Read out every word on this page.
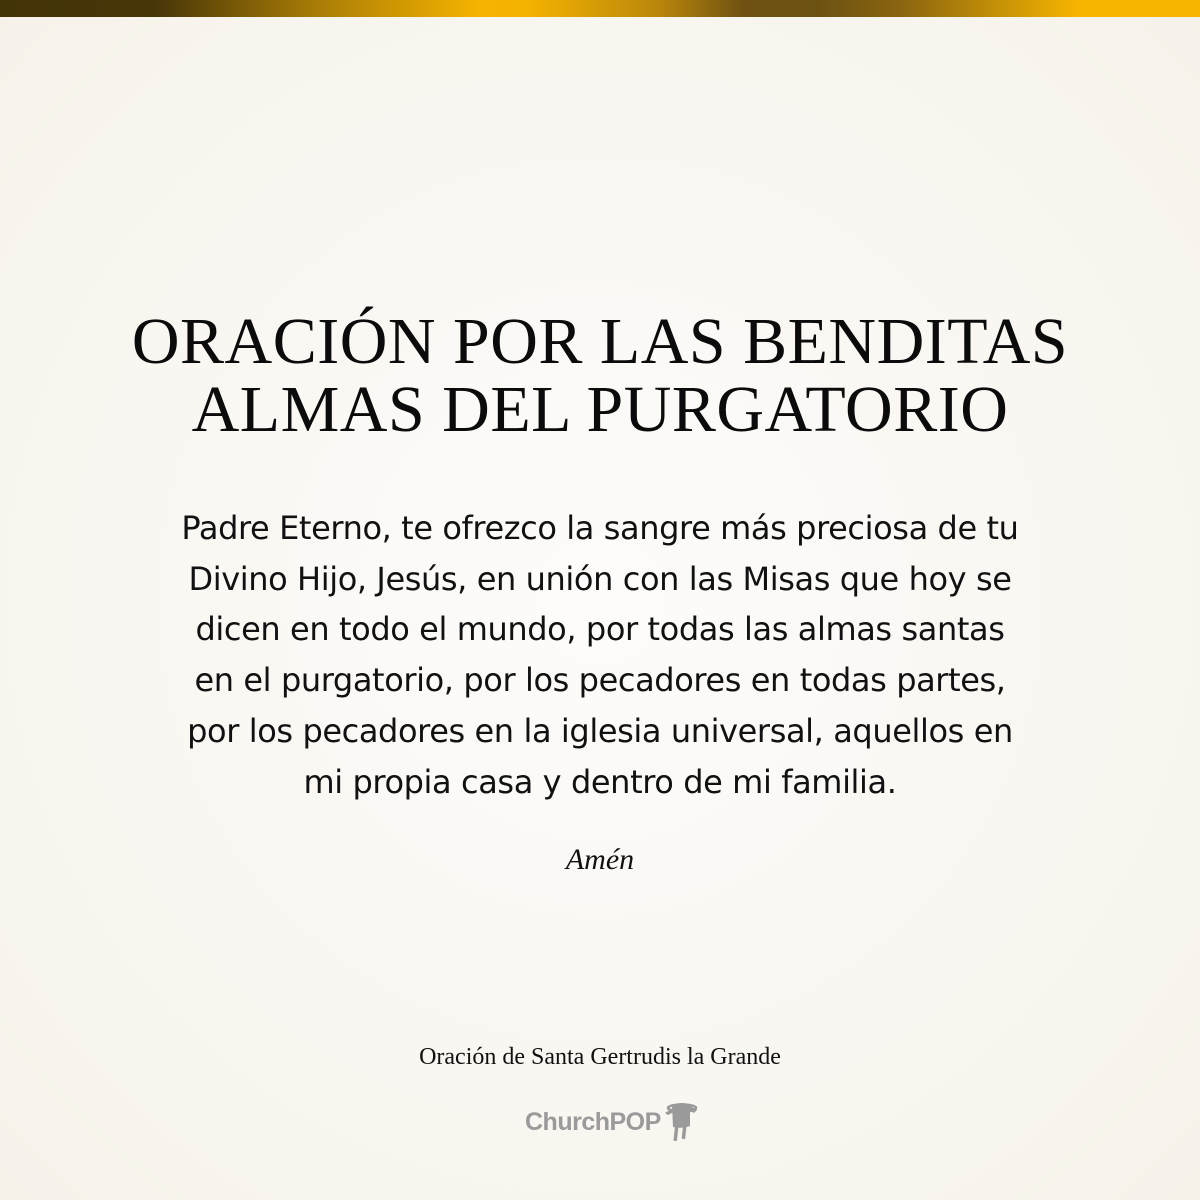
ORACIÓN POR LAS BENDITAS
ALMAS DEL PURGATORIO

Padre Eterno, te ofrezco la sangre más preciosa de tu
Divino Hijo, Jesús, en unión con las Misas que hoy se
dicen en todo el mundo, por todas las almas santas
en el purgatorio, por los pecadores en todas partes,
por los pecadores en la iglesia universal, aquellos en
mi propia casa y dentro de mi familia.

Amén
Oración de Santa Gertrudis la Grande
ChurchPOP
